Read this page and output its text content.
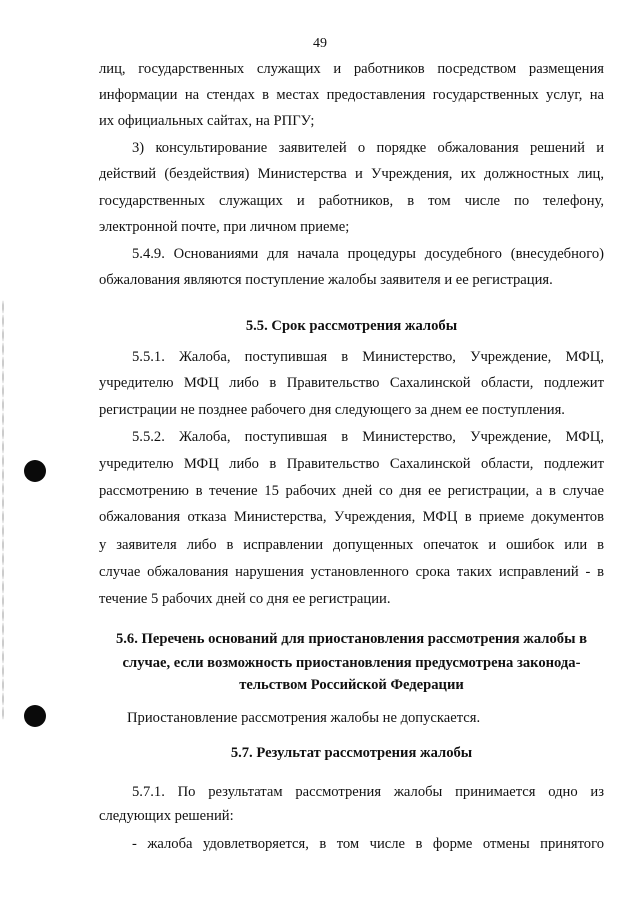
49
лиц, государственных служащих и работников посредством размещения
информации на стендах в местах предоставления государственных услуг, на
их официальных сайтах, на РПГУ;
3) консультирование заявителей о порядке обжалования решений и
действий (бездействия) Министерства и Учреждения, их должностных лиц,
государственных служащих и работников, в том числе по телефону,
электронной почте, при личном приеме;
5.4.9. Основаниями для начала процедуры досудебного (внесудебного)
обжалования являются поступление жалобы заявителя и ее регистрация.
5.5. Срок рассмотрения жалобы
5.5.1. Жалоба, поступившая в Министерство, Учреждение, МФЦ,
учредителю МФЦ либо в Правительство Сахалинской области, подлежит
регистрации не позднее рабочего дня следующего за днем ее поступления.
5.5.2. Жалоба, поступившая в Министерство, Учреждение, МФЦ,
учредителю МФЦ либо в Правительство Сахалинской области, подлежит
рассмотрению в течение 15 рабочих дней со дня ее регистрации, а в случае
обжалования отказа Министерства, Учреждения, МФЦ в приеме документов
у заявителя либо в исправлении допущенных опечаток и ошибок или в
случае обжалования нарушения установленного срока таких исправлений - в
течение 5 рабочих дней со дня ее регистрации.
5.6. Перечень оснований для приостановления рассмотрения жалобы в
случае, если возможность приостановления предусмотрена законода-
тельством Российской Федерации
Приостановление рассмотрения жалобы не допускается.
5.7. Результат рассмотрения жалобы
5.7.1. По результатам рассмотрения жалобы принимается одно из
следующих решений:
- жалоба удовлетворяется, в том числе в форме отмены принятого
